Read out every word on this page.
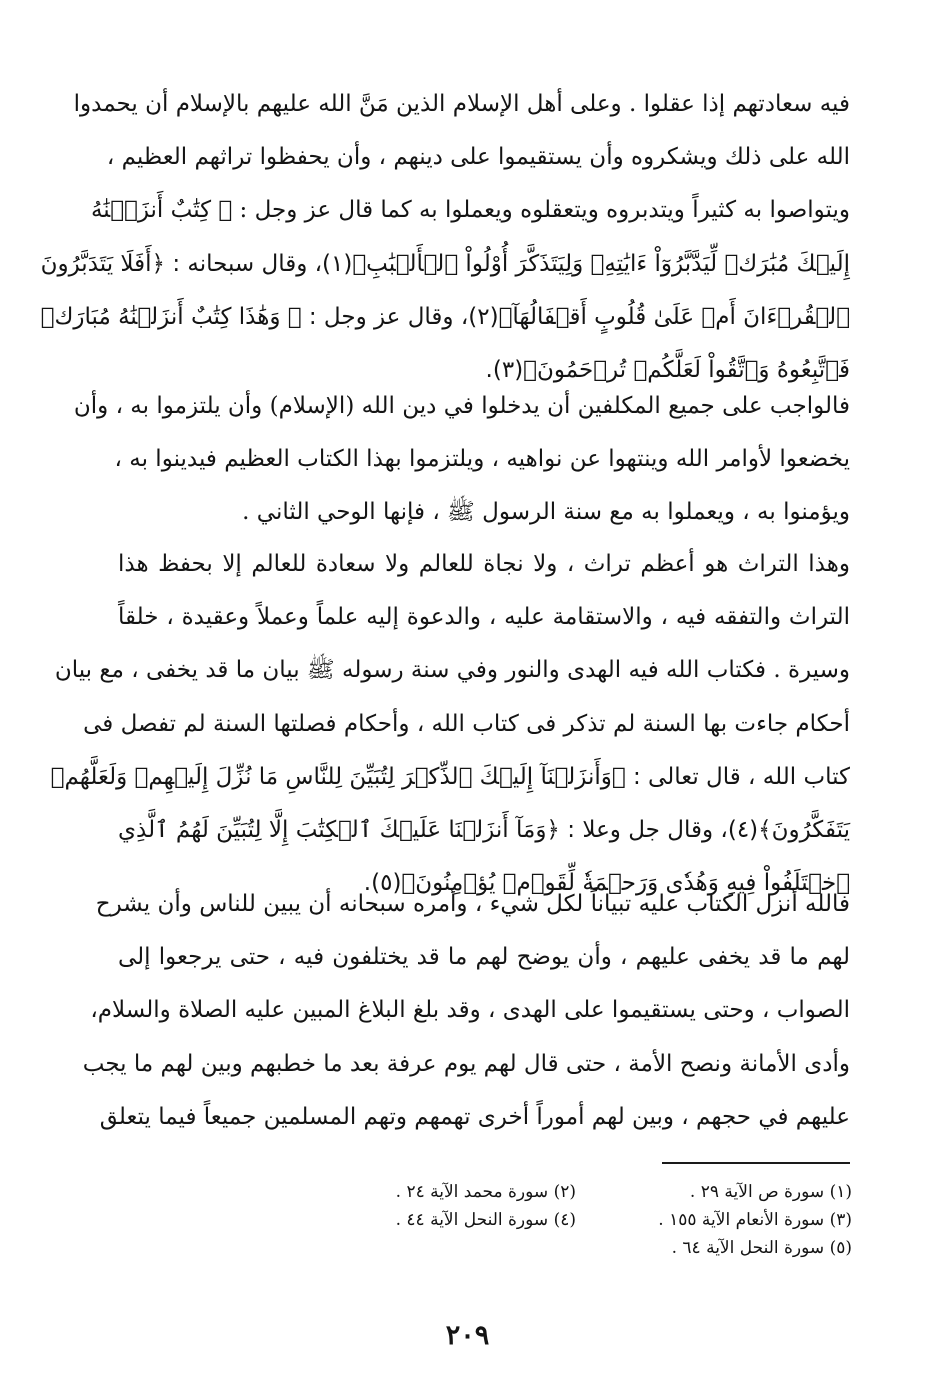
فيه سعادتهم إذا عقلوا . وعلى أهل الإسلام الذين مَنَّ الله عليهم بالإسلام أن يحمدوا
الله على ذلك ويشكروه وأن يستقيموا على دينهم ، وأن يحفظوا تراثهم العظيم ،
ويتواصوا به كثيراً ويتدبروه ويتعقلوه ويعملوا به كما قال عز وجل : ﴿ كِتَٰبٌ أَنزَلۡنَٰهُ
إِلَيۡكَ مُبَٰرَكٞ لِّيَدَّبَّرُوٓاْ ءَايَٰتِهِۦ وَلِيَتَذَكَّرَ أُوْلُواْ ٱلۡأَلۡبَٰبِ﴾(١)، وقال سبحانه : ﴿أَفَلَا يَتَدَبَّرُونَ
ٱلۡقُرۡءَانَ أَمۡ عَلَىٰ قُلُوبٍ أَقۡفَالُهَآ﴾(٢)، وقال عز وجل : ﴿ وَهَٰذَا كِتَٰبٌ أَنزَلۡنَٰهُ مُبَارَكٞ
فَٱتَّبِعُوهُ وَٱتَّقُواْ لَعَلَّكُمۡ تُرۡحَمُونَ﴾(٣).
فالواجب على جميع المكلفين أن يدخلوا في دين الله (الإسلام) وأن يلتزموا به ، وأن
يخضعوا لأوامر الله وينتهوا عن نواهيه ، ويلتزموا بهذا الكتاب العظيم فيدينوا به ،
ويؤمنوا به ، ويعملوا به مع سنة الرسول ﷺ ، فإنها الوحي الثاني .
وهذا التراث هو أعظم تراث ، ولا نجاة للعالم ولا سعادة للعالم إلا بحفظ هذا
التراث والتفقه فيه ، والاستقامة عليه ، والدعوة إليه علماً وعملاً وعقيدة ، خلقاً
وسيرة . فكتاب الله فيه الهدى والنور وفي سنة رسوله ﷺ بيان ما قد يخفى ، مع بيان
أحكام جاءت بها السنة لم تذكر فى كتاب الله ، وأحكام فصلتها السنة لم تفصل فى
كتاب الله ، قال تعالى : ﴿وَأَنزَلۡنَآ إِلَيۡكَ ٱلذِّكۡرَ لِتُبَيِّنَ لِلنَّاسِ مَا نُزِّلَ إِلَيۡهِمۡ وَلَعَلَّهُمۡ
يَتَفَكَّرُونَ﴾(٤)، وقال جل وعلا : ﴿وَمَآ أَنزَلۡنَا عَلَيۡكَ ٱلۡكِتَٰبَ إِلَّا لِتُبَيِّنَ لَهُمُ ٱلَّذِي
ٱخۡتَلَفُواْ فِيهِ وَهُدٗى وَرَحۡمَةٗ لِّقَوۡمٖ يُؤۡمِنُونَ﴾(٥).
فالله أنزل الكتاب عليه تبياناً لكل شيء ، وأمره سبحانه أن يبين للناس وأن يشرح
لهم ما قد يخفى عليهم ، وأن يوضح لهم ما قد يختلفون فيه ، حتى يرجعوا إلى
الصواب ، وحتى يستقيموا على الهدى ، وقد بلغ البلاغ المبين عليه الصلاة والسلام،
وأدى الأمانة ونصح الأمة ، حتى قال لهم يوم عرفة بعد ما خطبهم وبين لهم ما يجب
عليهم في حجهم ، وبين لهم أموراً أخرى تهمهم وتهم المسلمين جميعاً فيما يتعلق
(١) سورة ص الآية ٢٩ .
(٢) سورة محمد الآية ٢٤ .
(٣) سورة الأنعام الآية ١٥٥ .
(٤) سورة النحل الآية ٤٤ .
(٥) سورة النحل الآية ٦٤ .
٢٠٩
